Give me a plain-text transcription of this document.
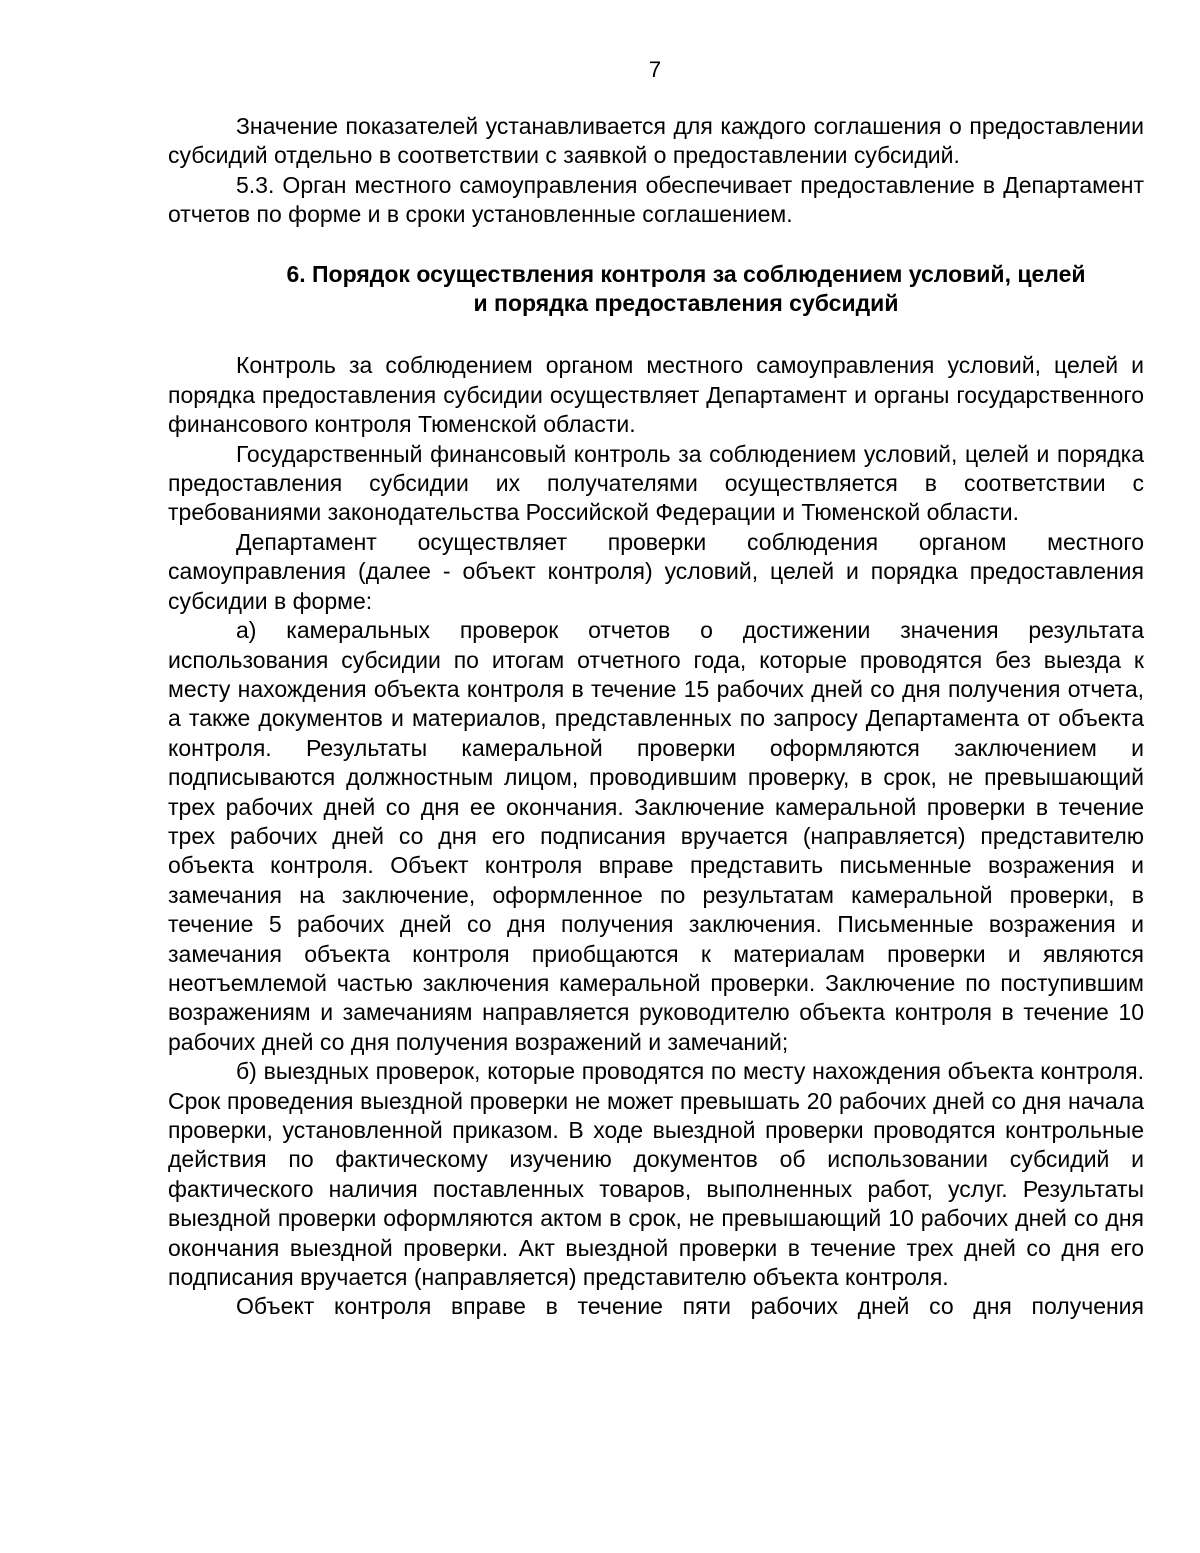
7

Значение показателей устанавливается для каждого соглашения о предоставлении субсидий отдельно в соответствии с заявкой о предоставлении субсидий.

5.3. Орган местного самоуправления обеспечивает предоставление в Департамент отчетов по форме и в сроки установленные соглашением.

6. Порядок осуществления контроля за соблюдением условий, целей
и порядка предоставления субсидий

Контроль за соблюдением органом местного самоуправления условий, целей и порядка предоставления субсидии осуществляет Департамент и органы государственного финансового контроля Тюменской области.

Государственный финансовый контроль за соблюдением условий, целей и порядка предоставления субсидии их получателями осуществляется в соответствии с требованиями законодательства Российской Федерации и Тюменской области.

Департамент осуществляет проверки соблюдения органом местного самоуправления (далее - объект контроля) условий, целей и порядка предоставления субсидии в форме:

а) камеральных проверок отчетов о достижении значения результата использования субсидии по итогам отчетного года, которые проводятся без выезда к месту нахождения объекта контроля в течение 15 рабочих дней со дня получения отчета, а также документов и материалов, представленных по запросу Департамента от объекта контроля. Результаты камеральной проверки оформляются заключением и подписываются должностным лицом, проводившим проверку, в срок, не превышающий трех рабочих дней со дня ее окончания. Заключение камеральной проверки в течение трех рабочих дней со дня его подписания вручается (направляется) представителю объекта контроля. Объект контроля вправе представить письменные возражения и замечания на заключение, оформленное по результатам камеральной проверки, в течение 5 рабочих дней со дня получения заключения. Письменные возражения и замечания объекта контроля приобщаются к материалам проверки и являются неотъемлемой частью заключения камеральной проверки. Заключение по поступившим возражениям и замечаниям направляется руководителю объекта контроля в течение 10 рабочих дней со дня получения возражений и замечаний;

б) выездных проверок, которые проводятся по месту нахождения объекта контроля. Срок проведения выездной проверки не может превышать 20 рабочих дней со дня начала проверки, установленной приказом. В ходе выездной проверки проводятся контрольные действия по фактическому изучению документов об использовании субсидий и фактического наличия поставленных товаров, выполненных работ, услуг. Результаты выездной проверки оформляются актом в срок, не превышающий 10 рабочих дней со дня окончания выездной проверки. Акт выездной проверки в течение трех дней со дня его подписания вручается (направляется) представителю объекта контроля.

Объект контроля вправе в течение пяти рабочих дней со дня получения
